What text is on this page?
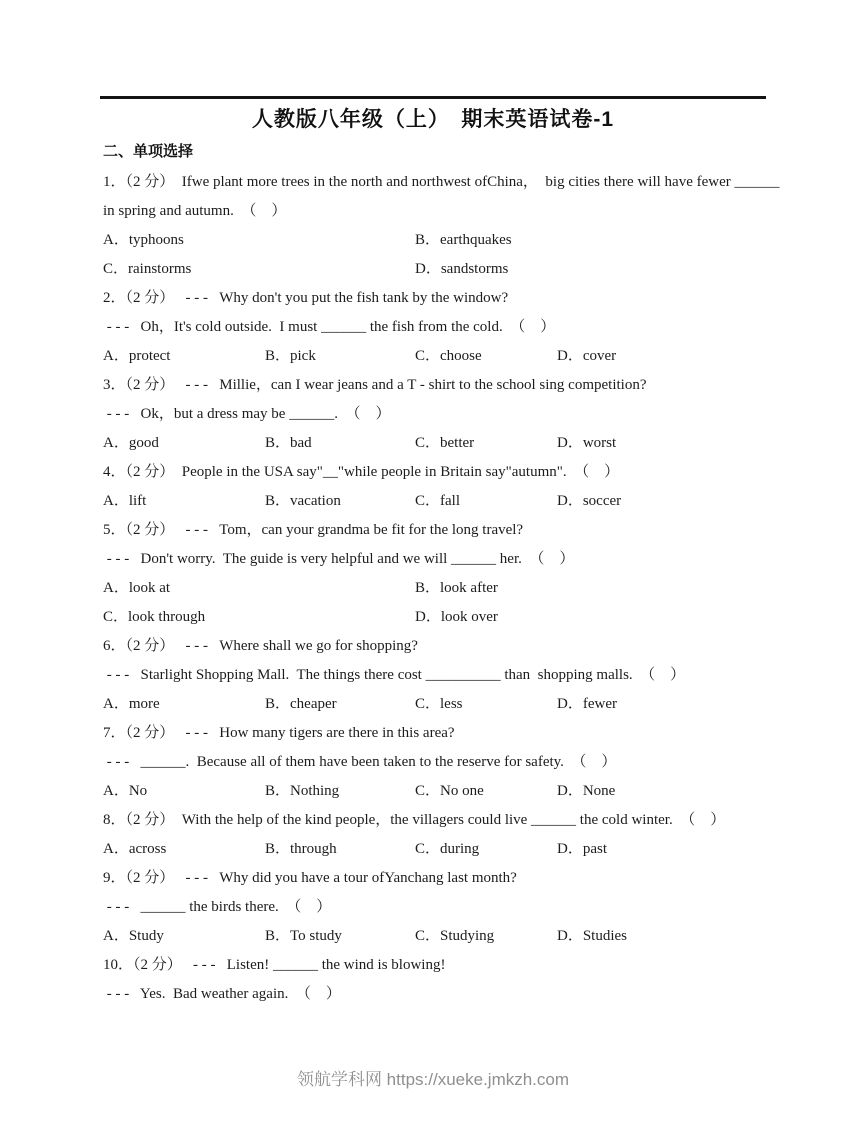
人教版八年级（上）　期末英语试卷-1
二、单项选择
1．（2 分）  Ifwe plant more trees in the north and northwest ofChina，  big cities there will have fewer ______
in spring and autumn.  （    ）
A．typhoons	B．earthquakes
C．rainstorms	D．sandstorms
2．（2 分）   - - -   Why don't you put the fish tank by the window?
- - -   Oh，It's cold outside.  I must ______ the fish from the cold.  （    ）
A．protect	B．pick	C．choose	D．cover
3．（2 分）   - - -   Millie，can I wear jeans and a T - shirt to the school sing competition?
- - -   Ok，but a dress may be ______.  （    ）
A．good	B．bad	C．better	D．worst
4．（2 分）  People in the USA say"__"while people in Britain say"autumn".  （    ）
A．lift	B．vacation	C．fall	D．soccer
5．（2 分）   - - -   Tom，can your grandma be fit for the long travel?
- - -   Don't worry.  The guide is very helpful and we will ______ her.  （    ）
A．look at	B．look after
C．look through	D．look over
6．（2 分）   - - -   Where shall we go for shopping?
- - -   Starlight Shopping Mall.  The things there cost __________ than  shopping malls.  （    ）
A．more	B．cheaper	C．less	D．fewer
7．（2 分）   - - -   How many tigers are there in this area?
- - -   ______.  Because all of them have been taken to the reserve for safety.  （    ）
A．No	B．Nothing	C．No one	D．None
8．（2 分）  With the help of the kind people，the villagers could live ______ the cold winter.  （    ）
A．across	B．through	C．during	D．past
9．（2 分）   - - -   Why did you have a tour ofYanchang last month?
- - -   ______ the birds there.  （    ）
A．Study	B．To study	C．Studying	D．Studies
10．（2 分）   - - -   Listen! ______ the wind is blowing!
- - -   Yes.  Bad weather again.  （    ）
领航学科网 https://xueke.jmkzh.com
